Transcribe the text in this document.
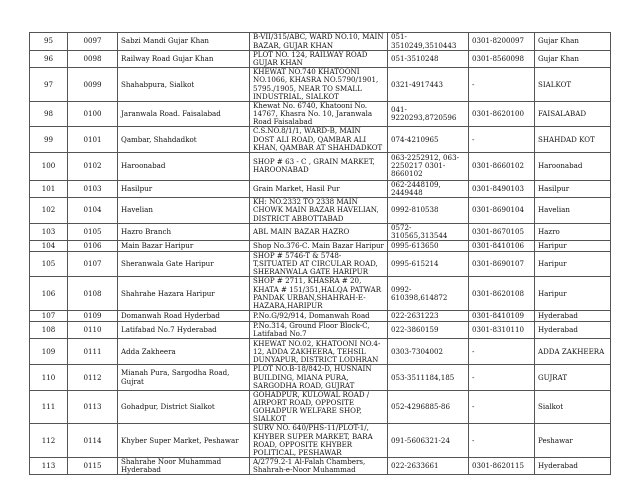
95	0097	Sabzi Mandi Gujar Khan	B-VII/315/ABC, WARD NO.10, MAIN BAZAR, GUJAR KHAN	051-3510249,3510443	0301-8200097	Gujar Khan
96	0098	Railway Road Gujar Khan	PLOT NO. 124, RAILWAY ROAD GUJAR KHAN	051-3510248	0301-8560098	Gujar Khan
97	0099	Shahabpura, Sialkot	KHEWAT NO.740 KHATOONI NO.1066, KHASRA NO.5790/1901, 5795./1905, NEAR TO SMALL INDUSTRIAL, SIALKOT	0321-4917443	-	SIALKOT
98	0100	Jaranwala Road. Faisalabad	Khewat No. 6740, Khatooni No. 14767, Khasra No. 10, Jaranwala Road Faisalabad	041-9220293,8720596	0301-8620100	FAISALABAD
99	0101	Qambar, Shahdadkot	C.S.NO.8/1/1, WARD-B, MAIN DOST ALI ROAD, QAMBAR ALI KHAN, QAMBAR AT SHAHDADKOT	074-4210965	-	SHAHDAD KOT
100	0102	Haroonabad	SHOP # 63 - C , GRAIN MARKET, HAROONABAD	063-2252912, 063-2250217 0301-8660102	0301-8660102	Haroonabad
101	0103	Hasilpur	Grain Market, Hasil Pur	062-2448109, 2449448	0301-8490103	Hasilpur
102	0104	Havelian	KH: NO.2332 TO 2338 MAIN CHOWK MAIN BAZAR HAVELIAN, DISTRICT ABBOTTABAD	0992-810538	0301-8690104	Havelian
103	0105	Hazro Branch	ABL MAIN BAZAR HAZRO	0572-310565,313544	0301-8670105	Hazro
104	0106	Main Bazar Haripur	Shop No.376-C. Main Bazar Haripur	0995-613650	0301-8410106	Haripur
105	0107	Sheranwala Gate Haripur	SHOP # 5746-T & 5748-T,SITUATED AT CIRCULAR ROAD, SHERANWALA GATE HARIPUR	0995-615214	0301-8690107	Haripur
106	0108	Shahrahe Hazara Haripur	SHOP # 2711, KHASRA # 20, KHATA # 151/351,HALQA PATWAR PANDAK URBAN,SHAHRAH-E-HAZARA,HARIPUR	0992-610398,614872	0301-8620108	Haripur
107	0109	Domanwah Road Hyderbad	P.No.G/92/914, Domanwah Road	022-2631223	0301-8410109	Hyderabad
108	0110	Latifabad No.7 Hyderabad	P.No.314, Ground Floor Block-C, Latifabad No.7	022-3860159	0301-8310110	Hyderabad
109	0111	Adda Zakheera	KHEWAT NO.02, KHATOONI NO.4-12, ADDA ZAKHEERA, TEHSIL DUNYAPUR, DISTRICT LODHRAN	0303-7304002	-	ADDA ZAKHEERA
110	0112	Mianah Pura, Sargodha Road, Gujrat	PLOT NO.B-18/842-D, HUSNAIN BUILDING, MIANA PURA, SARGODHA ROAD, GUJRAT	053-3511184,185	-	GUJRAT
111	0113	Gohadpur, District Sialkot	GOHADPUR, KULOWAL ROAD / AIRPORT ROAD, OPPOSITE GOHADPUR WELFARE SHOP, SIALKOT	052-4296885-86	-	Sialkot
112	0114	Khyber Super Market, Peshawar	SURV NO. 640/PHS-11/PLOT-1/, KHYBER SUPER MARKET, BARA ROAD, OPPOSITE KHYBER POLITICAL, PESHAWAR	091-5606321-24	-	Peshawar
113	0115	Shahrahe Noor Muhammad Hyderabad	A/2779.2-1 Al-Falah Chambers, Shahrah-e-Noor Muhammad	022-2633661	0301-8620115	Hyderabad
